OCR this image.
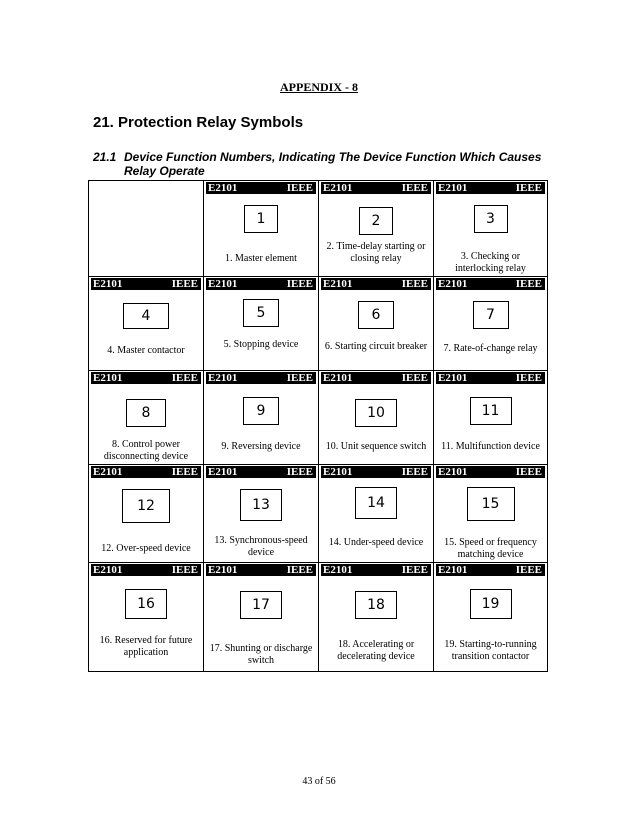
APPENDIX - 8
21. Protection Relay Symbols
21.1 Device Function Numbers, Indicating The Device Function Which Causes Relay Operate
E2101	IEEE
1
1. Master element
E2101	IEEE
2
2. Time-delay starting or closing relay
E2101	IEEE
3
3. Checking or interlocking relay
E2101	IEEE
4
4. Master contactor
E2101	IEEE
5
5. Stopping device
E2101	IEEE
6
6. Starting circuit breaker
E2101	IEEE
7
7. Rate-of-change relay
E2101	IEEE
8
8. Control power disconnecting device
E2101	IEEE
9
9. Reversing device
E2101	IEEE
10
10. Unit sequence switch
E2101	IEEE
11
11. Multifunction device
E2101	IEEE
12
12. Over-speed device
E2101	IEEE
13
13. Synchronous-speed device
E2101	IEEE
14
14. Under-speed device
E2101	IEEE
15
15. Speed or frequency matching device
E2101	IEEE
16
16. Reserved for future application
E2101	IEEE
17
17. Shunting or discharge switch
E2101	IEEE
18
18. Accelerating or decelerating device
E2101	IEEE
19
19. Starting-to-running transition contactor
43 of 56
